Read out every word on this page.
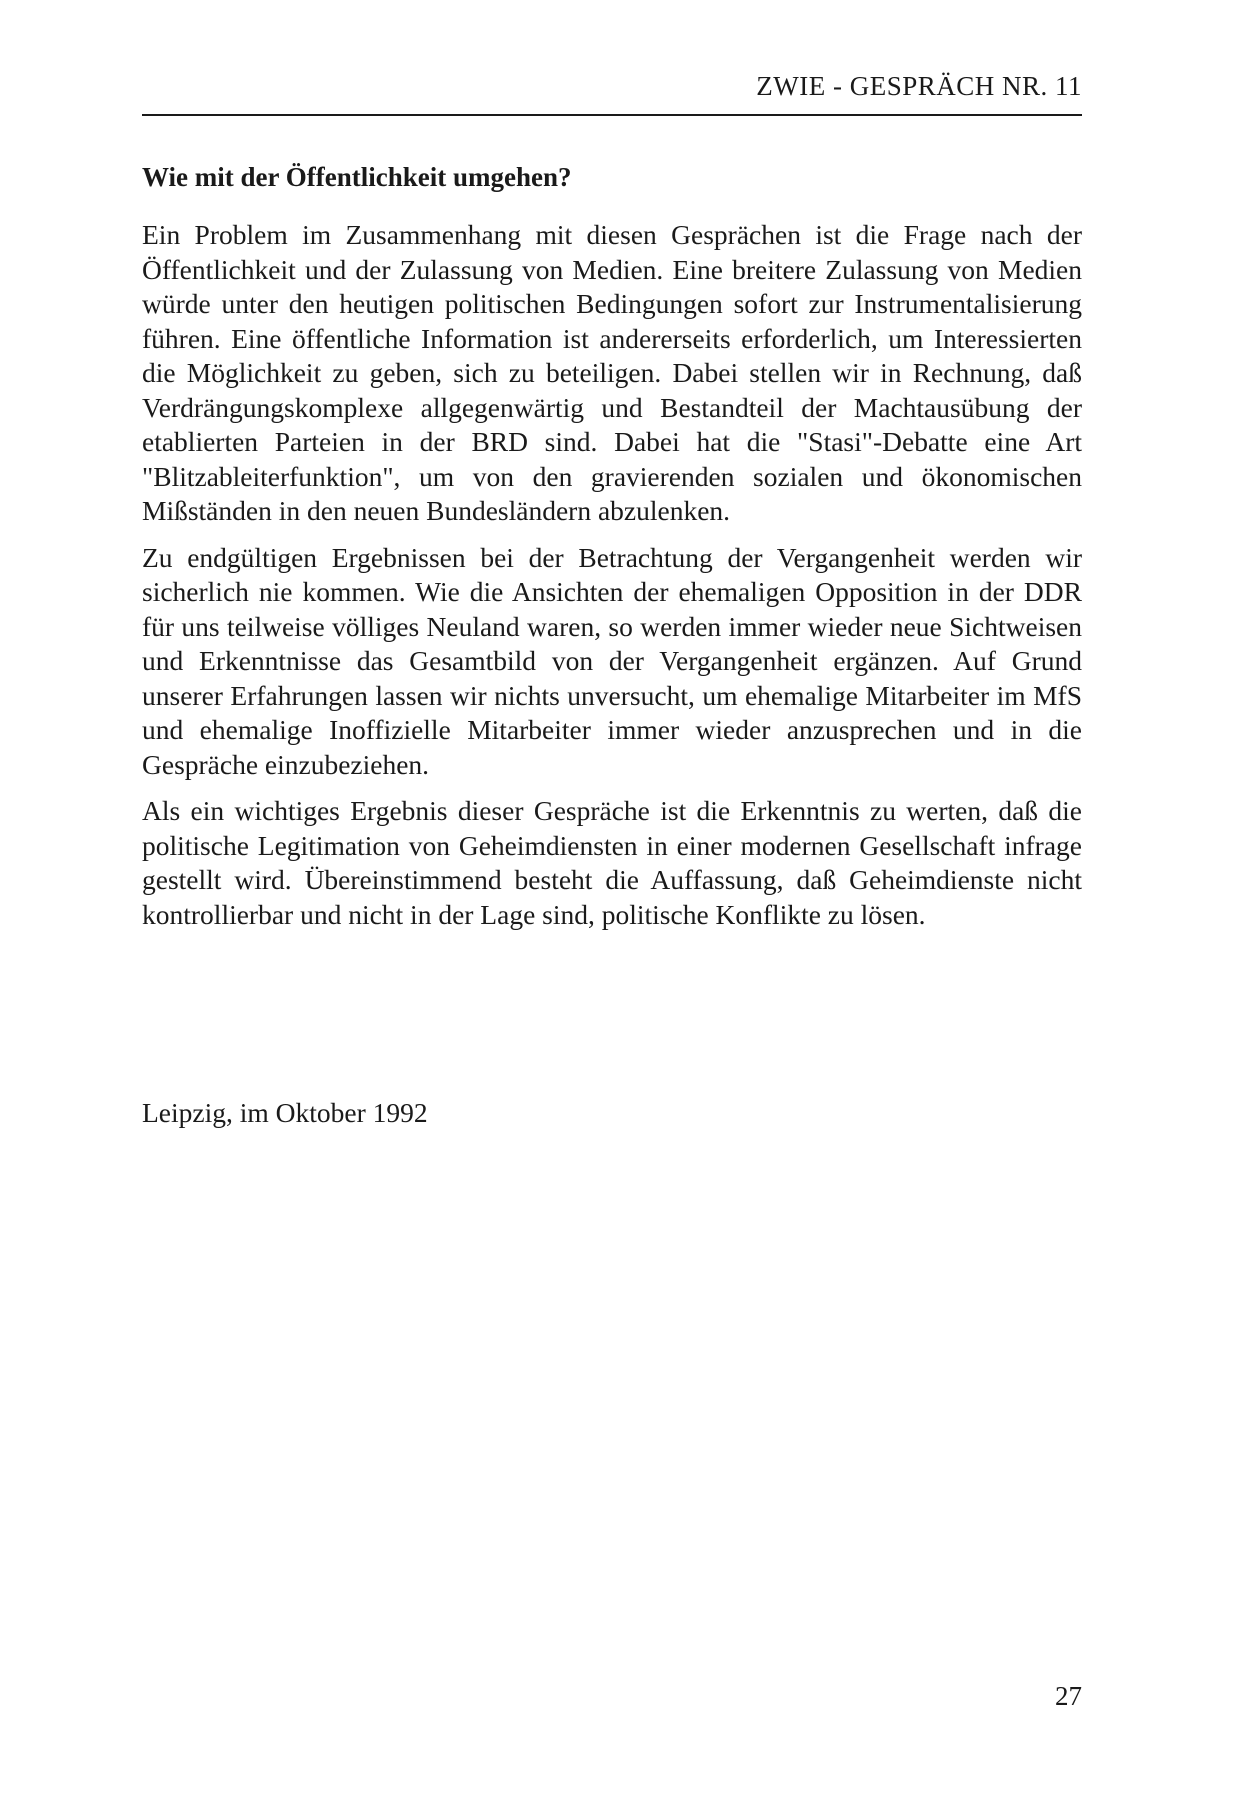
ZWIE - GESPRÄCH NR. 11
Wie mit der Öffentlichkeit umgehen?

Ein Problem im Zusammenhang mit diesen Gesprächen ist die Frage nach der Öffentlichkeit und der Zulassung von Medien. Eine breitere Zulassung von Medien würde unter den heutigen politischen Bedingungen sofort zur Instrumentalisierung führen. Eine öffentliche Information ist andererseits erforderlich, um Interessierten die Möglichkeit zu geben, sich zu beteiligen. Dabei stellen wir in Rechnung, daß Verdrängungskomplexe allgegenwärtig und Bestandteil der Machtausübung der etablierten Parteien in der BRD sind. Dabei hat die "Stasi"-Debatte eine Art "Blitzableiterfunktion", um von den gravierenden sozialen und ökonomischen Mißständen in den neuen Bundesländern abzulenken.

Zu endgültigen Ergebnissen bei der Betrachtung der Vergangenheit werden wir sicherlich nie kommen. Wie die Ansichten der ehemaligen Opposition in der DDR für uns teilweise völliges Neuland waren, so werden immer wieder neue Sichtweisen und Erkenntnisse das Gesamtbild von der Vergangenheit ergänzen. Auf Grund unserer Erfahrungen lassen wir nichts unversucht, um ehemalige Mitarbeiter im MfS und ehemalige Inoffizielle Mitarbeiter immer wieder anzusprechen und in die Gespräche einzubeziehen.

Als ein wichtiges Ergebnis dieser Gespräche ist die Erkenntnis zu werten, daß die politische Legitimation von Geheimdiensten in einer modernen Gesellschaft infrage gestellt wird. Übereinstimmend besteht die Auffassung, daß Geheimdienste nicht kontrollierbar und nicht in der Lage sind, politische Konflikte zu lösen.

Leipzig, im Oktober 1992
27
